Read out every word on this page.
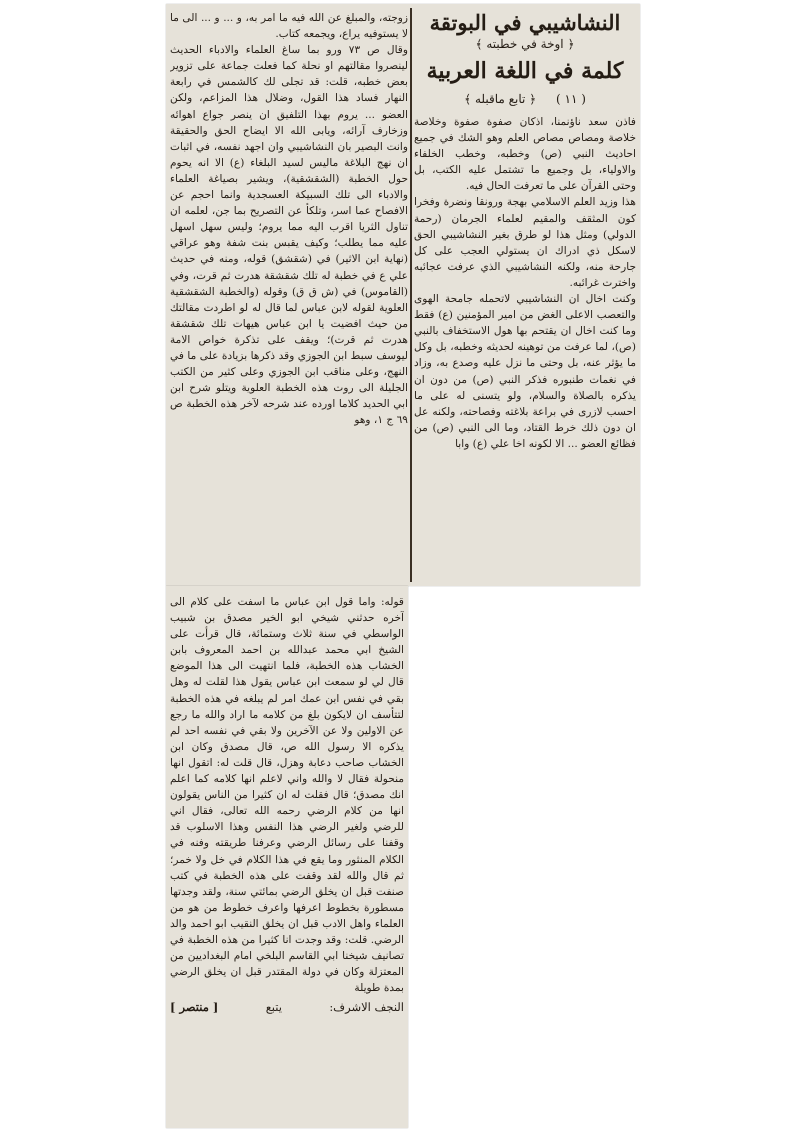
زوجته، والمبلغ عن الله فيه ما امر به، و ... و ... الى ما لا يستوفيه يراع، ويجمعه كتاب.

وقال ص ٧٣ ورو بما ساغ العلماء والادباء الحديث لينصروا مقالتهم او نحلة كما فعلت جماعة على تزوير بعض خطبه، قلت: قد تجلى لك كالشمس في رابعة النهار فساد هذا القول، وضلال هذا المزاعم، ولكن العضو ... يروم بهذا التلفيق ان ينصر جواع اهوائه وزخارف آرائه، ويابى الله الا ايضاح الحق والحقيقة وانت البصير بان النشاشيبي وان اجهد نفسه، في اثبات ان نهج البلاغة ماليس لسيد البلغاء (ع) الا انه يحوم حول الخطبة (الشقشقية)، ويشير بصياغة العلماء والادباء الى تلك السبيكة العسجدية وانما احجم عن الافصاح عما اسر، وتلكأ عن التصريح بما جن، لعلمه ان تناول الثريا اقرب اليه مما يروم؛ وليس سهل اسهل عليه مما يطلب؛ وكيف يقبس بنت شفة وهو عراقي (نهاية ابن الاثير) في (شقشق) قوله، ومنه في حديث علي ع في خطبة له تلك شقشقة هدرت ثم قرت، وفي (القاموس) في (ش ق ق) وقوله (والخطبة الشقشقية العلوية لقوله لابن عباس لما قال له لو اطردت مقالتك من حيث افضيت يا ابن عباس هيهات تلك شقشقة هدرت ثم قرت)؛ ويقف على تذكرة خواص الامة ليوسف سبط ابن الجوزي وقد ذكرها بزيادة على ما في النهج، وعلى مناقب ابن الجوزي وعلى كثير من الكتب الجليلة الى روت هذه الخطبة العلوية ويتلو شرح ابن ابي الحديد كلاما اورده عند شرحه لآخر هذه الخطبة ص ٦٩ ج ١، وهو

النشاشيبي في البوتقة
﴿ اوخة في خطبته ﴾
كلمة في اللغة العربية
( ١١ ) ﴿ تابع ماقبله ﴾

فاذن سعد ناؤنمنا، اذكان صفوة صفوة وخلاصة خلاصة ومصاص مصاص العلم وهو الشك في جميع احاديث النبي (ص) وخطبه، وخطب الخلفاء والاولياء، بل وجميع ما تشتمل عليه الكتب، بل وحتى القرآن على ما تعرفت الحال فيه.

هذا وزيد العلم الاسلامي بهجة ورونقا ونضرة وفخرا كون المثقف والمقيم لعلماء الجرمان (رحمة الدولي) ومثل هذا لو طرق بغير النشاشيبي الحق لاسكل ذي ادراك ان يستولي العجب على كل جارحة منه، ولكنه النشاشيبي الذي عرفت عجائبه واخترت غرائبه.

وكنت اخال ان النشاشيبي لاتحمله جامحة الهوى والتعصب الاعلى الغض من امير المؤمنين (ع) فقط وما كنت اخال ان يقتحم بها هول الاستخفاف بالنبي (ص)، لما عرفت من توهينه لحديثه وخطبه، بل وكل ما يؤثر عنه، بل وحتى ما نزل عليه وصدع به، وزاد في نغمات طنبوره فذكر النبي (ص) من دون ان يذكره بالصلاة والسلام، ولو يتسنى له على ما احسب لازرى في براعة بلاغته وفصاحته، ولكنه عل ان دون ذلك خرط القتاد، وما الى النبي (ص) من فظائع العضو ... الا لكونه اخا علي (ع) وابا

قوله: واما قول ابن عباس ما اسفت على كلام الى آخره حدثني شيخي ابو الخير مصدق بن شبيب الواسطي في سنة ثلاث وستمائة، قال قرأت على الشيخ ابي محمد عبدالله بن احمد المعروف بابن الخشاب هذه الخطبة، فلما انتهيت الى هذا الموضع قال لي لو سمعت ابن عباس يقول هذا لقلت له وهل بقي في نفس ابن عمك امر لم يبلغه في هذه الخطبة لتتأسف ان لايكون بلغ من كلامه ما اراد والله ما رجع عن الاولين ولا عن الآخرين ولا بقي في نفسه احد لم يذكره الا رسول الله ص، قال مصدق وكان ابن الخشاب صاحب دعابة وهزل، قال قلت له: اتقول انها منحولة فقال لا والله واني لاعلم انها كلامه كما اعلم انك مصدق؛ قال فقلت له ان كثيرا من الناس يقولون انها من كلام الرضي رحمه الله تعالى، فقال اني للرضي ولغير الرضي هذا النفس وهذا الاسلوب قد وقفنا على رسائل الرضي وعرفنا طريقته وفنه في الكلام المنثور وما يقع في هذا الكلام في خل ولا خمر؛ ثم قال والله لقد وقفت على هذه الخطبة في كتب صنفت قبل ان يخلق الرضي بمائتي سنة، ولقد وجدتها مسطورة بخطوط اعرفها واعرف خطوط من هو من العلماء واهل الادب قبل ان يخلق النقيب ابو احمد والد الرضي. قلت: وقد وجدت انا كثيرا من هذه الخطبة في تصانيف شيخنا ابي القاسم البلخي امام البغداديين من المعتزلة وكان في دولة المقتدر قبل ان يخلق الرضي بمدة طويلة

النجف الاشرف:
يتبع
[ منتصر ]
